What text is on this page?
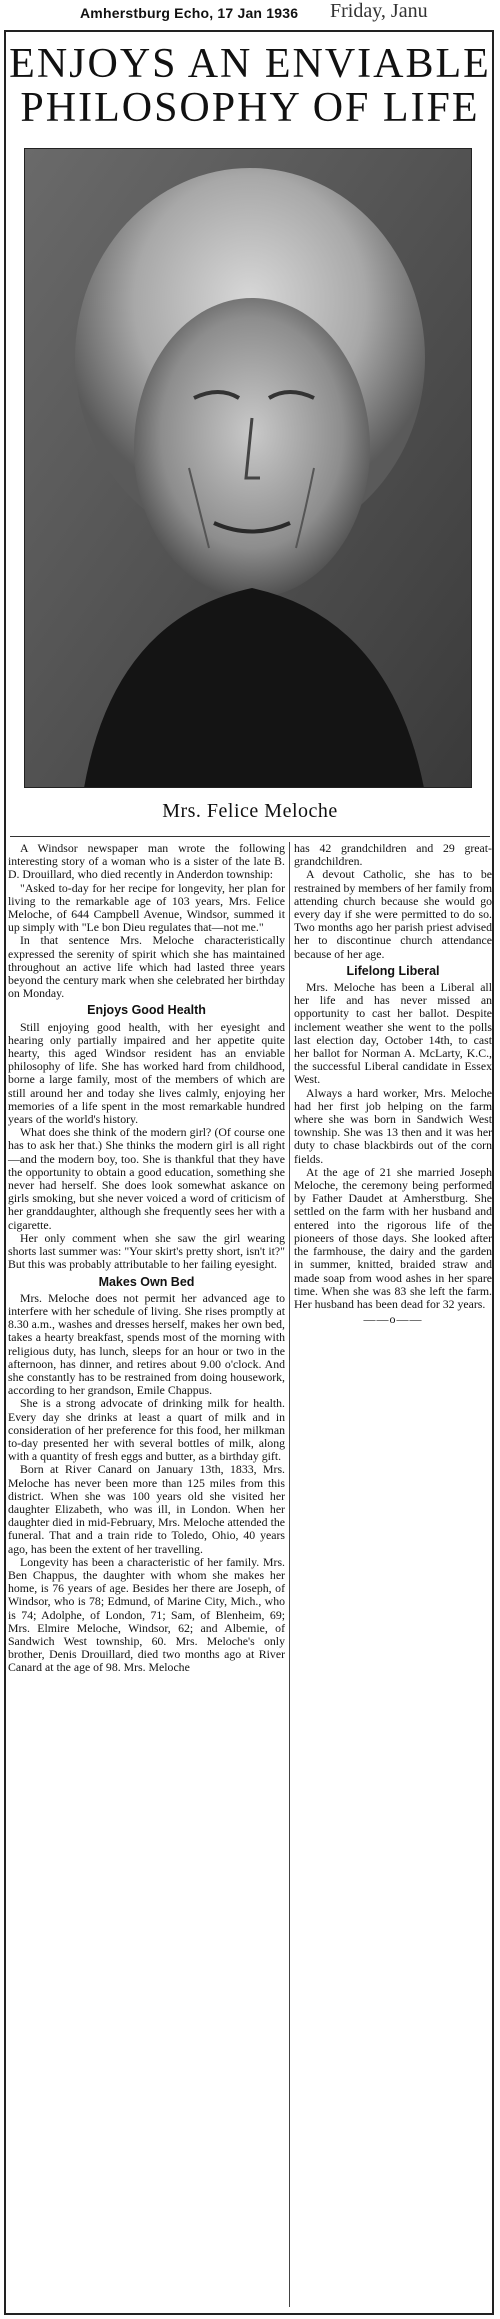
Amherstburg Echo, 17 Jan 1936 Friday, Janu
ENJOYS AN ENVIABLE
PHILOSOPHY OF LIFE
Mrs. Felice Meloche

A Windsor newspaper man wrote the following interesting story of a woman who is a sister of the late B. D. Drouillard, who died recently in Anderdon township:

"Asked to-day for her recipe for longevity, her plan for living to the remarkable age of 103 years, Mrs. Felice Meloche, of 644 Campbell Avenue, Windsor, summed it up simply with "Le bon Dieu regulates that—not me."

In that sentence Mrs. Meloche characteristically expressed the serenity of spirit which she has maintained throughout an active life which had lasted three years beyond the century mark when she celebrated her birthday on Monday.

Enjoys Good Health

Still enjoying good health, with her eyesight and hearing only partially impaired and her appetite quite hearty, this aged Windsor resident has an enviable philosophy of life. She has worked hard from childhood, borne a large family, most of the members of which are still around her and today she lives calmly, enjoying her memories of a life spent in the most remarkable hundred years of the world's history.

What does she think of the modern girl? (Of course one has to ask her that.) She thinks the modern girl is all right—and the modern boy, too. She is thankful that they have the opportunity to obtain a good education, something she never had herself. She does look somewhat askance on girls smoking, but she never voiced a word of criticism of her granddaughter, although she frequently sees her with a cigarette.

Her only comment when she saw the girl wearing shorts last summer was: "Your skirt's pretty short, isn't it?" But this was probably attributable to her failing eyesight.

Makes Own Bed

Mrs. Meloche does not permit her advanced age to interfere with her schedule of living. She rises promptly at 8.30 a.m., washes and dresses herself, makes her own bed, takes a hearty breakfast, spends most of the morning with religious duty, has lunch, sleeps for an hour or two in the afternoon, has dinner, and retires about 9.00 o'clock. And she constantly has to be restrained from doing housework, according to her grandson, Emile Chappus.

She is a strong advocate of drinking milk for health. Every day she drinks at least a quart of milk and in consideration of her preference for this food, her milkman to-day presented her with several bottles of milk, along with a quantity of fresh eggs and butter, as a birthday gift.

Born at River Canard on January 13th, 1833, Mrs. Meloche has never been more than 125 miles from this district. When she was 100 years old she visited her daughter Elizabeth, who was ill, in London. When her daughter died in mid-February, Mrs. Meloche attended the funeral. That and a train ride to Toledo, Ohio, 40 years ago, has been the extent of her travelling.

Longevity has been a characteristic of her family. Mrs. Ben Chappus, the daughter with whom she makes her home, is 76 years of age. Besides her there are Joseph, of Windsor, who is 78; Edmund, of Marine City, Mich., who is 74; Adolphe, of London, 71; Sam, of Blenheim, 69; Mrs. Elmire Meloche, Windsor, 62; and Albemie, of Sandwich West township, 60. Mrs. Meloche's only brother, Denis Drouillard, died two months ago at River Canard at the age of 98. Mrs. Meloche

has 42 grandchildren and 29 great-grandchildren.

A devout Catholic, she has to be restrained by members of her family from attending church because she would go every day if she were permitted to do so. Two months ago her parish priest advised her to discontinue church attendance because of her age.

Lifelong Liberal

Mrs. Meloche has been a Liberal all her life and has never missed an opportunity to cast her ballot. Despite inclement weather she went to the polls last election day, October 14th, to cast her ballot for Norman A. McLarty, K.C., the successful Liberal candidate in Essex West.

Always a hard worker, Mrs. Meloche had her first job helping on the farm where she was born in Sandwich West township. She was 13 then and it was her duty to chase blackbirds out of the corn fields.

At the age of 21 she married Joseph Meloche, the ceremony being performed by Father Daudet at Amherstburg. She settled on the farm with her husband and entered into the rigorous life of the pioneers of those days. She looked after the farmhouse, the dairy and the garden in summer, knitted, braided straw and made soap from wood ashes in her spare time. When she was 83 she left the farm. Her husband has been dead for 32 years.

——o——
